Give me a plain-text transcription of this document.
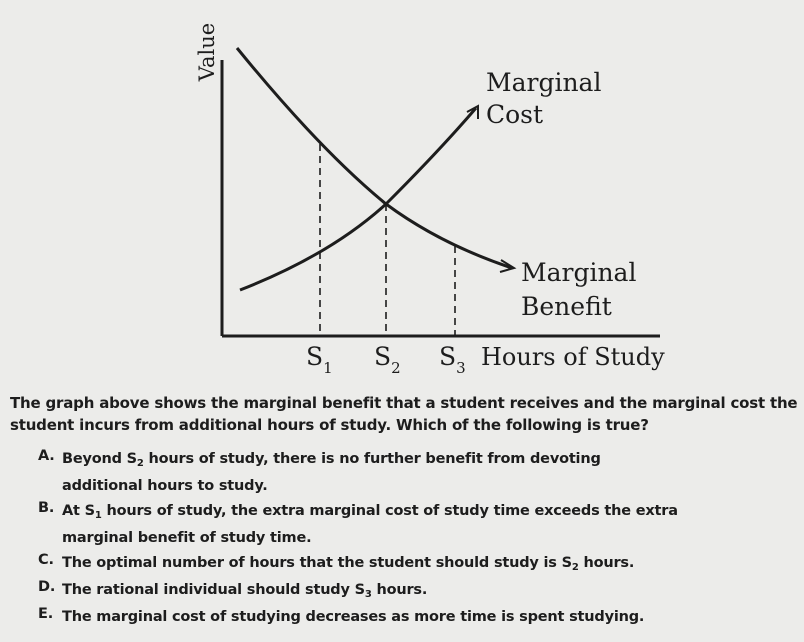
Value
Marginal
Cost
Marginal
Benefit
$S_1$ $S_2$ $S_3$ Hours of Study
The graph above shows the marginal benefit that a student receives and the marginal cost the student incurs from additional hours of study. Which of the following is true?
A. Beyond $S_2$ hours of study, there is no further benefit from devoting
additional hours to study.
B. At $S_1$ hours of study, the extra marginal cost of study time exceeds the extra
marginal benefit of study time.
C. The optimal number of hours that the student should study is $S_2$ hours.
D. The rational individual should study $S_3$ hours.
E. The marginal cost of studying decreases as more time is spent studying.
